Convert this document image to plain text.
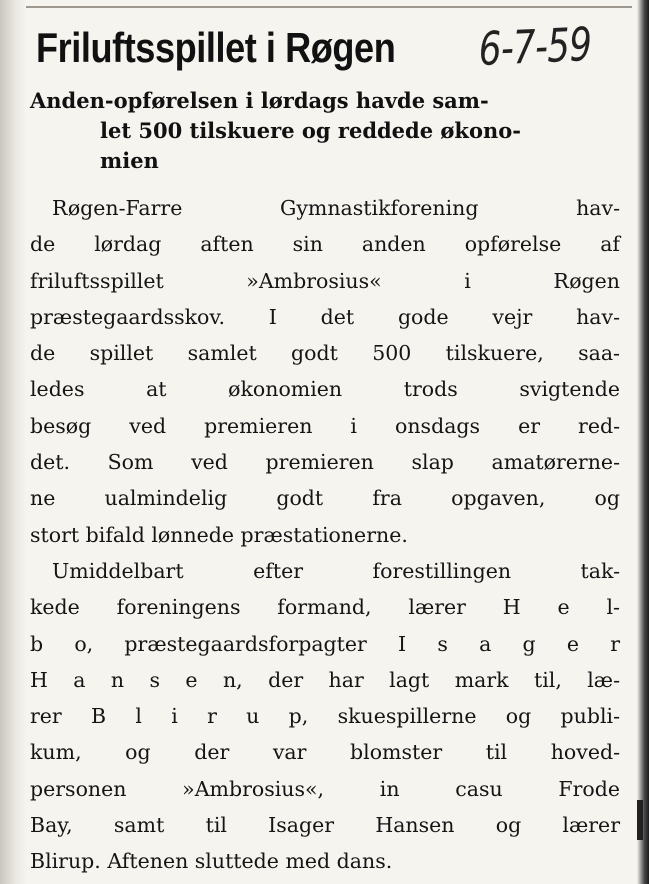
Friluftsspillet i Røgen 6-7-59
Anden-opførelsen i lørdags havde sam-
let 500 tilskuere og reddede økono-
mien
Røgen-Farre Gymnastikforening hav-
de lørdag aften sin anden opførelse af
friluftsspillet »Ambrosius« i Røgen
præstegaardsskov. I det gode vejr hav-
de spillet samlet godt 500 tilskuere, saa-
ledes at økonomien trods svigtende
besøg ved premieren i onsdags er red-
det. Som ved premieren slap amatørerne-
ne ualmindelig godt fra opgaven, og
stort bifald lønnede præstationerne.
Umiddelbart efter forestillingen tak-
kede foreningens formand, lærer H e l-
b o, præstegaardsforpagter I s a g e r
H a n s e n, der har lagt mark til, læ-
rer B l i r u p, skuespillerne og publi-
kum, og der var blomster til hoved-
personen »Ambrosius«, in casu Frode
Bay, samt til Isager Hansen og lærer
Blirup. Aftenen sluttede med dans.
